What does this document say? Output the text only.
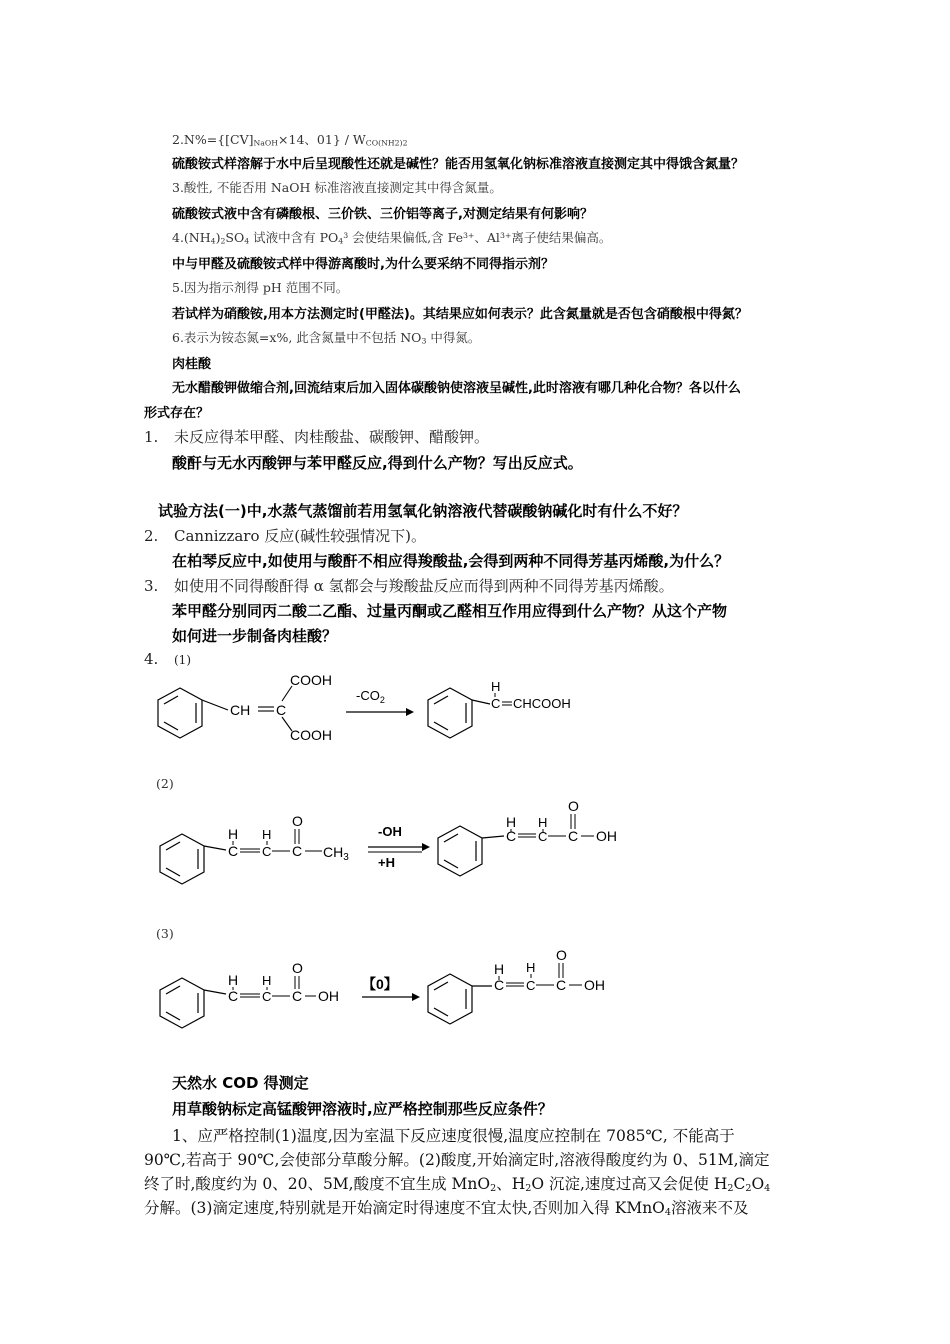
$2.N\%=\{[CV]_{NaOH}\times 14$、$01\} / W_{CO(NH2)2}$
硫酸铵式样溶解于水中后呈现酸性还就是碱性？能否用氢氧化钠标准溶液直接测定其中得饿含氮量？
3.酸性, 不能否用 NaOH 标准溶液直接测定其中得含氮量。
硫酸铵式液中含有磷酸根、三价铁、三价铝等离子,对测定结果有何影响？
$4.(NH_4)_2SO_4$ 试液中含有 $PO_4^3$ 会使结果偏低,含 $Fe^{3+}$、$Al^{3+}$离子使结果偏高。
中与甲醛及硫酸铵式样中得游离酸时,为什么要采纳不同得指示剂？
5.因为指示剂得 pH 范围不同。
若试样为硝酸铵,用本方法测定时(甲醛法)。其结果应如何表示？此含氮量就是否包含硝酸根中得氮？
6.表示为铵态氮=x%, 此含氮量中不包括 $NO_3$ 中得氮。
肉桂酸
无水醋酸钾做缩合剂,回流结束后加入固体碳酸钠使溶液呈碱性,此时溶液有哪几种化合物？各以什么
形式存在？
1. 未反应得苯甲醛、肉桂酸盐、碳酸钾、醋酸钾。
酸酐与无水丙酸钾与苯甲醛反应,得到什么产物？写出反应式。
试验方法(一)中,水蒸气蒸馏前若用氢氧化钠溶液代替碳酸钠碱化时有什么不好？
2. Cannizzaro 反应(碱性较强情况下)。
在柏琴反应中,如使用与酸酐不相应得羧酸盐,会得到两种不同得芳基丙烯酸,为什么？
3. 如使用不同得酸酐得 α 氢都会与羧酸盐反应而得到两种不同得芳基丙烯酸。
苯甲醛分别同丙二酸二乙酯、过量丙酮或乙醛相互作用应得到什么产物？从这个产物
如何进一步制备肉桂酸？
4. (1)
CH C
COOH
COOH
$-CO_2$
H
C CHCOOH
(2)
H
C
H
C
O
C $CH_3$
-OH
+H
H
C
H
C
O
C OH
(3)
H
C
H
C
O
C OH
【0】
H
C
H
C
O
C OH
天然水 COD 得测定
用草酸钠标定高锰酸钾溶液时,应严格控制那些反应条件？
1、应严格控制(1)温度,因为室温下反应速度很慢,温度应控制在 7085℃, 不能高于
90℃,若高于 90℃,会使部分草酸分解。(2)酸度,开始滴定时,溶液得酸度约为 0、51M,滴定
终了时,酸度约为 0、20、5M,酸度不宜生成 MnO$_2$、$H_2O$ 沉淀,速度过高又会促使 $H_2C_2O_4$
分解。(3)滴定速度,特别就是开始滴定时得速度不宜太快,否则加入得 KMnO$_4$溶液来不及
